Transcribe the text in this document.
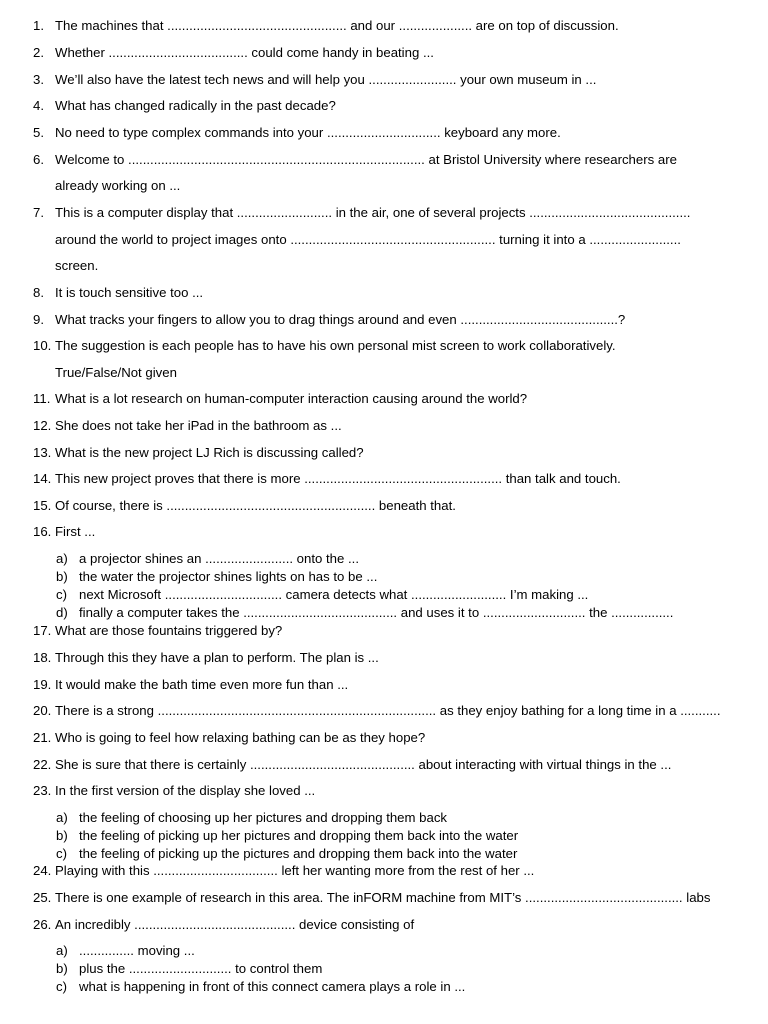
1. The machines that ................................................. and our .................... are on top of discussion.
2. Whether ...................................... could come handy in beating ...
3. We’ll also have the latest tech news and will help you ........................ your own museum in ...
4. What has changed radically in the past decade?
5. No need to type complex commands into your ............................... keyboard any more.
6. Welcome to ................................................................................. at Bristol University where researchers are
already working on ...
7. This is a computer display that .......................... in the air, one of several projects ............................................
around the world to project images onto ........................................................ turning it into a .........................
screen.
8. It is touch sensitive too ...
9. What tracks your fingers to allow you to drag things around and even ...........................................?
10. The suggestion is each people has to have his own personal mist screen to work collaboratively.
True/False/Not given
11. What is a lot research on human-computer interaction causing around the world?
12. She does not take her iPad in the bathroom as ...
13. What is the new project LJ Rich is discussing called?
14. This new project proves that there is more ...................................................... than talk and touch.
15. Of course, there is ......................................................... beneath that.
16. First ...
a) a projector shines an ........................ onto the ...
b) the water the projector shines lights on has to be ...
c) next Microsoft ................................ camera detects what .......................... I’m making ...
d) finally a computer takes the .......................................... and uses it to ............................ the .................
17. What are those fountains triggered by?
18. Through this they have a plan to perform. The plan is ...
19. It would make the bath time even more fun than ...
20. There is a strong ............................................................................ as they enjoy bathing for a long time in a ...........
21. Who is going to feel how relaxing bathing can be as they hope?
22. She is sure that there is certainly ............................................. about interacting with virtual things in the ...
23. In the first version of the display she loved ...
a) the feeling of choosing up her pictures and dropping them back
b) the feeling of picking up her pictures and dropping them back into the water
c) the feeling of picking up the pictures and dropping them back into the water
24. Playing with this .................................. left her wanting more from the rest of her ...
25. There is one example of research in this area. The inFORM machine from MIT’s ........................................... labs
26. An incredibly ............................................ device consisting of
a) ............... moving ...
b) plus the ............................ to control them
c) what is happening in front of this connect camera plays a role in ...
